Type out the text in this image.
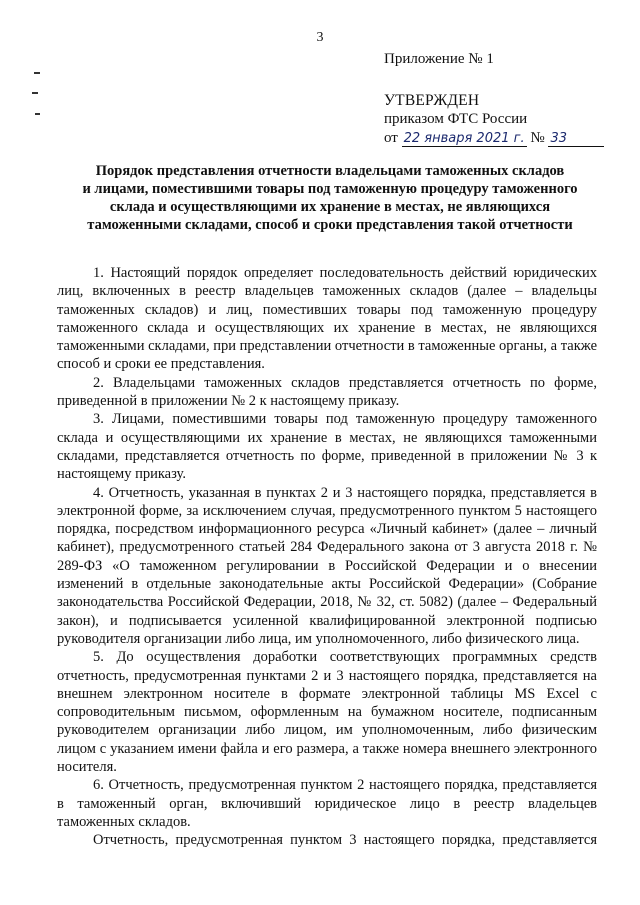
3

Приложение № 1

УТВЕРЖДЕН

приказом ФТС России

от 22 января 2021 г. № 33

Порядок представления отчетности владельцами таможенных складов
и лицами, поместившими товары под таможенную процедуру таможенного
склада и осуществляющими их хранение в местах, не являющихся
таможенными складами, способ и сроки представления такой отчетности

1. Настоящий порядок определяет последовательность действий юридических лиц, включенных в реестр владельцев таможенных складов (далее – владельцы таможенных складов) и лиц, поместивших товары под таможенную процедуру таможенного склада и осуществляющих их хранение в местах, не являющихся таможенными складами, при представлении отчетности в таможенные органы, а также способ и сроки ее представления.

2. Владельцами таможенных складов представляется отчетность по форме, приведенной в приложении № 2 к настоящему приказу.

3. Лицами, поместившими товары под таможенную процедуру таможенного склада и осуществляющими их хранение в местах, не являющихся таможенными складами, представляется отчетность по форме, приведенной в приложении № 3 к настоящему приказу.

4. Отчетность, указанная в пунктах 2 и 3 настоящего порядка, представляется в электронной форме, за исключением случая, предусмотренного пунктом 5 настоящего порядка, посредством информационного ресурса «Личный кабинет» (далее – личный кабинет), предусмотренного статьей 284 Федерального закона от 3 августа 2018 г. № 289-ФЗ «О таможенном регулировании в Российской Федерации и о внесении изменений в отдельные законодательные акты Российской Федерации» (Собрание законодательства Российской Федерации, 2018, № 32, ст. 5082) (далее – Федеральный закон), и подписывается усиленной квалифицированной электронной подписью руководителя организации либо лица, им уполномоченного, либо физического лица.

5. До осуществления доработки соответствующих программных средств отчетность, предусмотренная пунктами 2 и 3 настоящего порядка, представляется на внешнем электронном носителе в формате электронной таблицы MS Excel с сопроводительным письмом, оформленным на бумажном носителе, подписанным руководителем организации либо лицом, им уполномоченным, либо физическим лицом с указанием имени файла и его размера, а также номера внешнего электронного носителя.

6. Отчетность, предусмотренная пунктом 2 настоящего порядка, представляется в таможенный орган, включивший юридическое лицо в реестр владельцев таможенных складов.

Отчетность, предусмотренная пунктом 3 настоящего порядка, представляется
